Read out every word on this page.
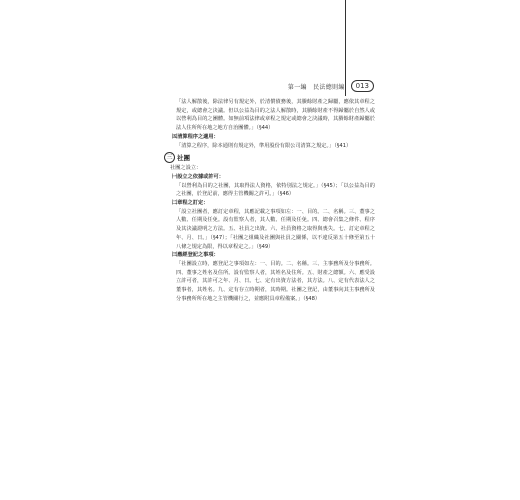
第一編　民法總則編	013

「法人解散後，除法律另有規定外，於清償債務後，其賸餘財產之歸屬，應依其章程之規定，或總會之決議。但以公益為目的之法人解散時，其賸餘財產不得歸屬於自然人或以營利為目的之團體。如無前項法律或章程之規定或總會之決議時，其賸餘財產歸屬於法人住所所在地之地方自治團體。」（§44）

㈤清算程序之適用：

「清算之程序，除本通則有規定外，準用股份有限公司清算之規定。」（§41）

三 社團

社團之設立：

㈠設立之依據或許可：

「以營利為目的之社團，其取得法人資格，依特別法之規定。」（§45）；「以公益為目的之社團，於登記前，應得主管機關之許可。」（§46）

㈡章程之訂定：

「設立社團者，應訂定章程，其應記載之事項如左：一、目的。二、名稱。三、董事之人數、任期及任免。設有監察人者，其人數、任期及任免。四、總會召集之條件、程序及其決議證明之方法。五、社員之出資。六、社員資格之取得與喪失。七、訂定章程之年、月、日。」（§47）；「社團之組織及社團與社員之關係，以不違反第五十條至第五十八條之規定為限，得以章程定之。」（§49）

㈢應經登記之事項：

「社團設立時，應登記之事項如左：一、目的。二、名稱。三、主事務所及分事務所。四、董事之姓名及住所。設有監察人者，其姓名及住所。五、財產之總額。六、應受設立許可者，其許可之年、月、日。七、定有出資方法者，其方法。八、定有代表法人之董事者，其姓名。九、定有存立時期者，其時期。社團之登記，由董事向其主事務所及分事務所所在地之主管機關行之，並應附具章程備案。」（§48）
